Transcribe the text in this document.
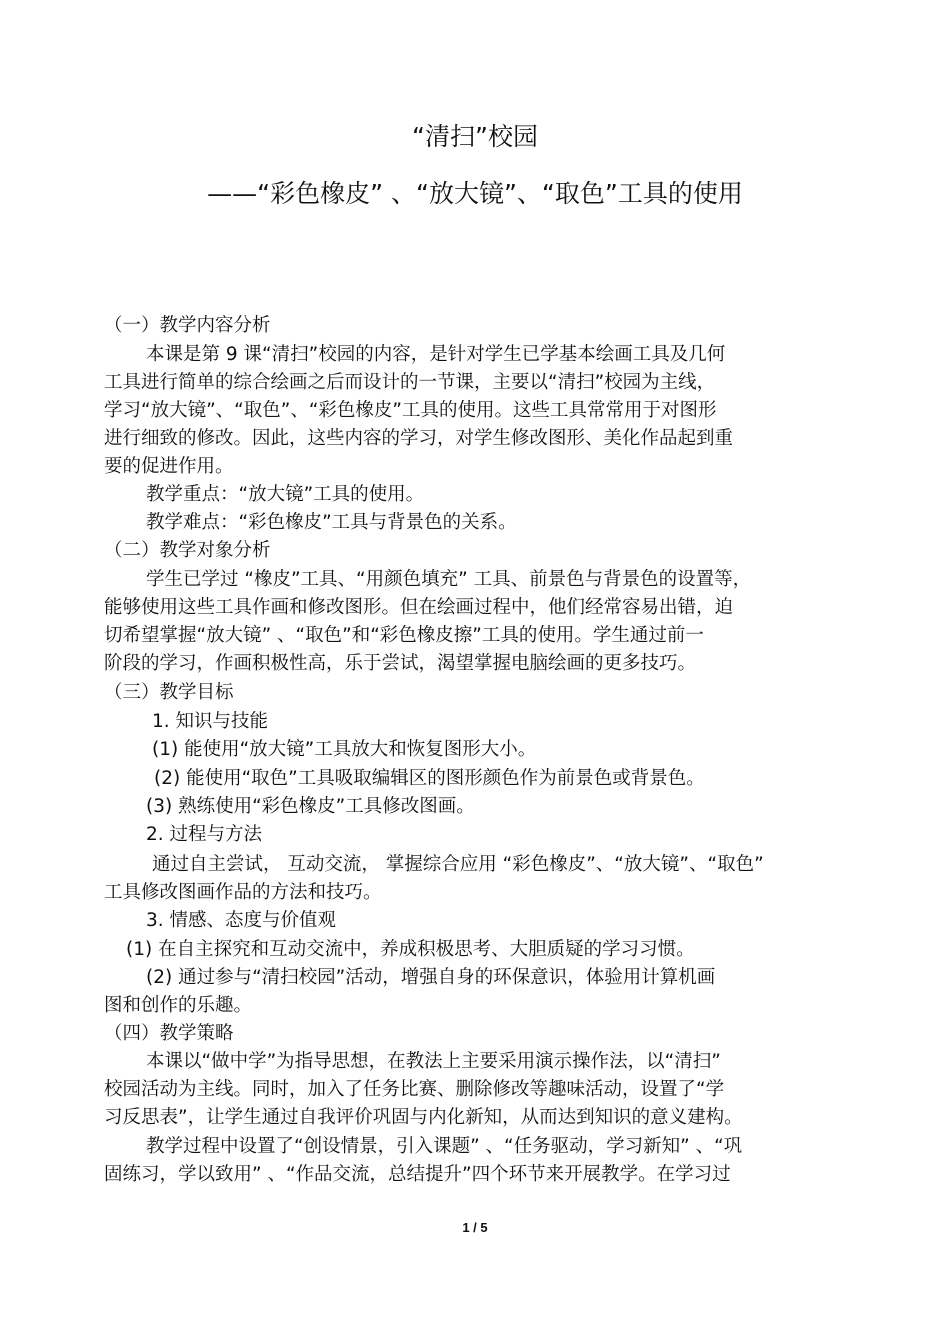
“清扫”校园
——“彩色橡皮” 、“放大镜”、“取色”工具的使用
（一）教学内容分析
本课是第 9 课“清扫”校园的内容，是针对学生已学基本绘画工具及几何
工具进行简单的综合绘画之后而设计的一节课，主要以“清扫”校园为主线，
学习“放大镜”、“取色”、“彩色橡皮”工具的使用。这些工具常常用于对图形
进行细致的修改。因此，这些内容的学习，对学生修改图形、美化作品起到重
要的促进作用。
教学重点：“放大镜”工具的使用。
教学难点：“彩色橡皮”工具与背景色的关系。
（二）教学对象分析
学生已学过 “橡皮”工具、“用颜色填充” 工具、前景色与背景色的设置等，
能够使用这些工具作画和修改图形。但在绘画过程中，他们经常容易出错，迫
切希望掌握“放大镜” 、“取色”和“彩色橡皮擦”工具的使用。学生通过前一
阶段的学习，作画积极性高，乐于尝试，渴望掌握电脑绘画的更多技巧。
（三）教学目标
1. 知识与技能
(1) 能使用“放大镜”工具放大和恢复图形大小。
(2) 能使用“取色”工具吸取编辑区的图形颜色作为前景色或背景色。
(3) 熟练使用“彩色橡皮”工具修改图画。
2. 过程与方法
通过自主尝试， 互动交流， 掌握综合应用 “彩色橡皮”、“放大镜”、“取色”
工具修改图画作品的方法和技巧。
3. 情感、态度与价值观
(1) 在自主探究和互动交流中，养成积极思考、大胆质疑的学习习惯。
(2) 通过参与“清扫校园”活动，增强自身的环保意识，体验用计算机画
图和创作的乐趣。
（四）教学策略
本课以“做中学”为指导思想，在教法上主要采用演示操作法，以“清扫”
校园活动为主线。同时，加入了任务比赛、删除修改等趣味活动，设置了“学
习反思表”，让学生通过自我评价巩固与内化新知，从而达到知识的意义建构。
教学过程中设置了“创设情景，引入课题” 、“任务驱动，学习新知” 、“巩
固练习，学以致用” 、“作品交流，总结提升”四个环节来开展教学。在学习过
1 / 5
